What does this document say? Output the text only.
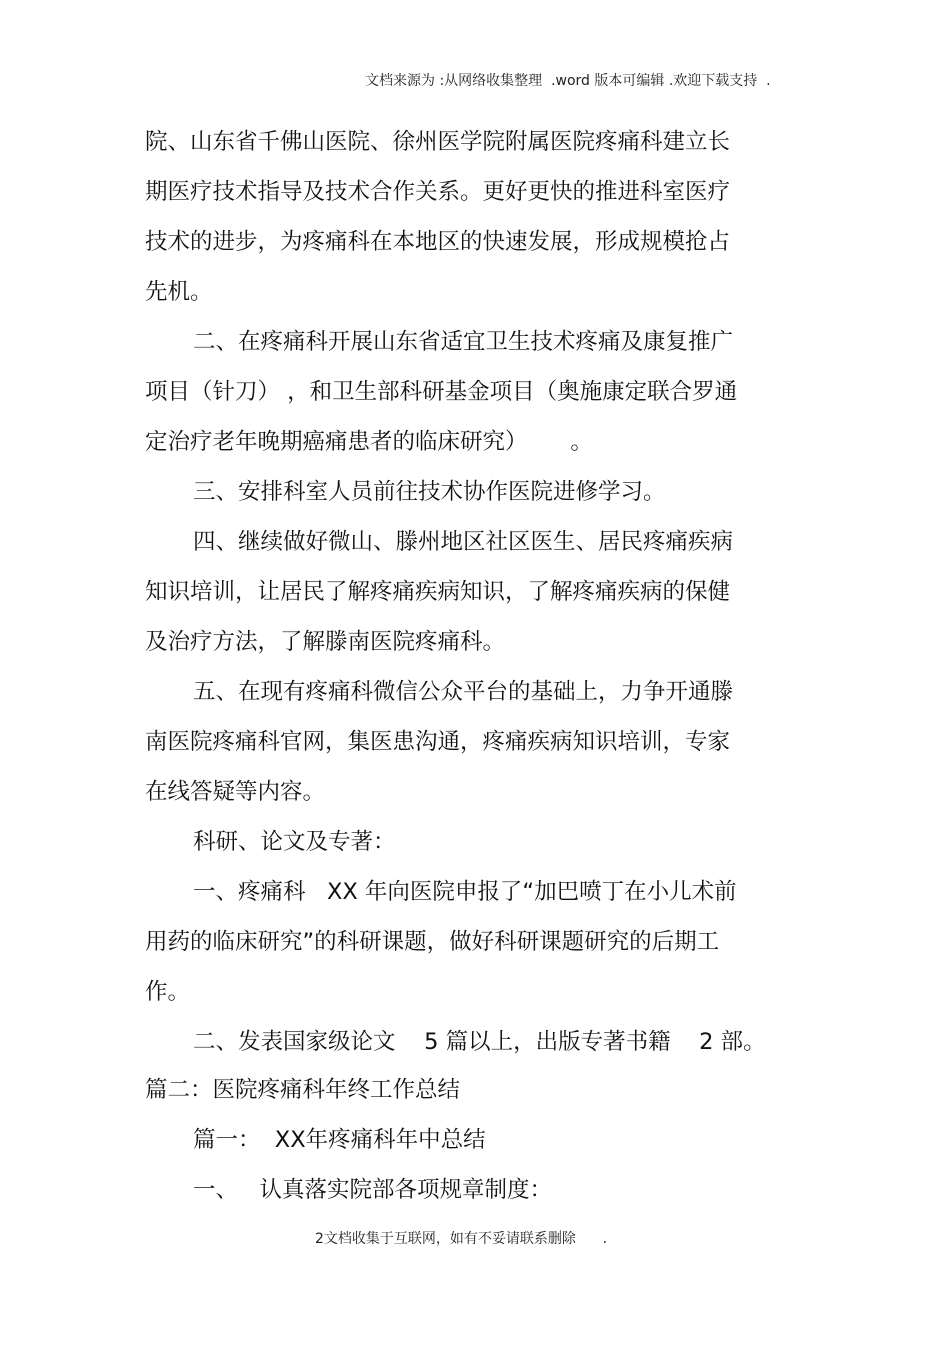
文档来源为 :从网络收集整理  .word 版本可编辑 .欢迎下载支持  .
院、山东省千佛山医院、徐州医学院附属医院疼痛科建立长
期医疗技术指导及技术合作关系。更好更快的推进科室医疗
技术的进步，为疼痛科在本地区的快速发展，形成规模抢占
先机。
二、在疼痛科开展山东省适宜卫生技术疼痛及康复推广
项目（针刀） ，和卫生部科研基金项目（奥施康定联合罗通
定治疗老年晚期癌痛患者的临床研究）      。
三、安排科室人员前往技术协作医院进修学习。
四、继续做好微山、滕州地区社区医生、居民疼痛疾病
知识培训，让居民了解疼痛疾病知识，了解疼痛疾病的保健
及治疗方法，了解滕南医院疼痛科。
五、在现有疼痛科微信公众平台的基础上，力争开通滕
南医院疼痛科官网，集医患沟通，疼痛疾病知识培训，专家
在线答疑等内容。
科研、论文及专著：
一、疼痛科   XX 年向医院申报了“加巴喷丁在小儿术前
用药的临床研究”的科研课题，做好科研课题研究的后期工
作。
二、发表国家级论文    5 篇以上，出版专著书籍    2 部。
篇二：医院疼痛科年终工作总结
篇一：  XX年疼痛科年中总结
一、   认真落实院部各项规章制度：
2文档收集于互联网，如有不妥请联系删除      .
